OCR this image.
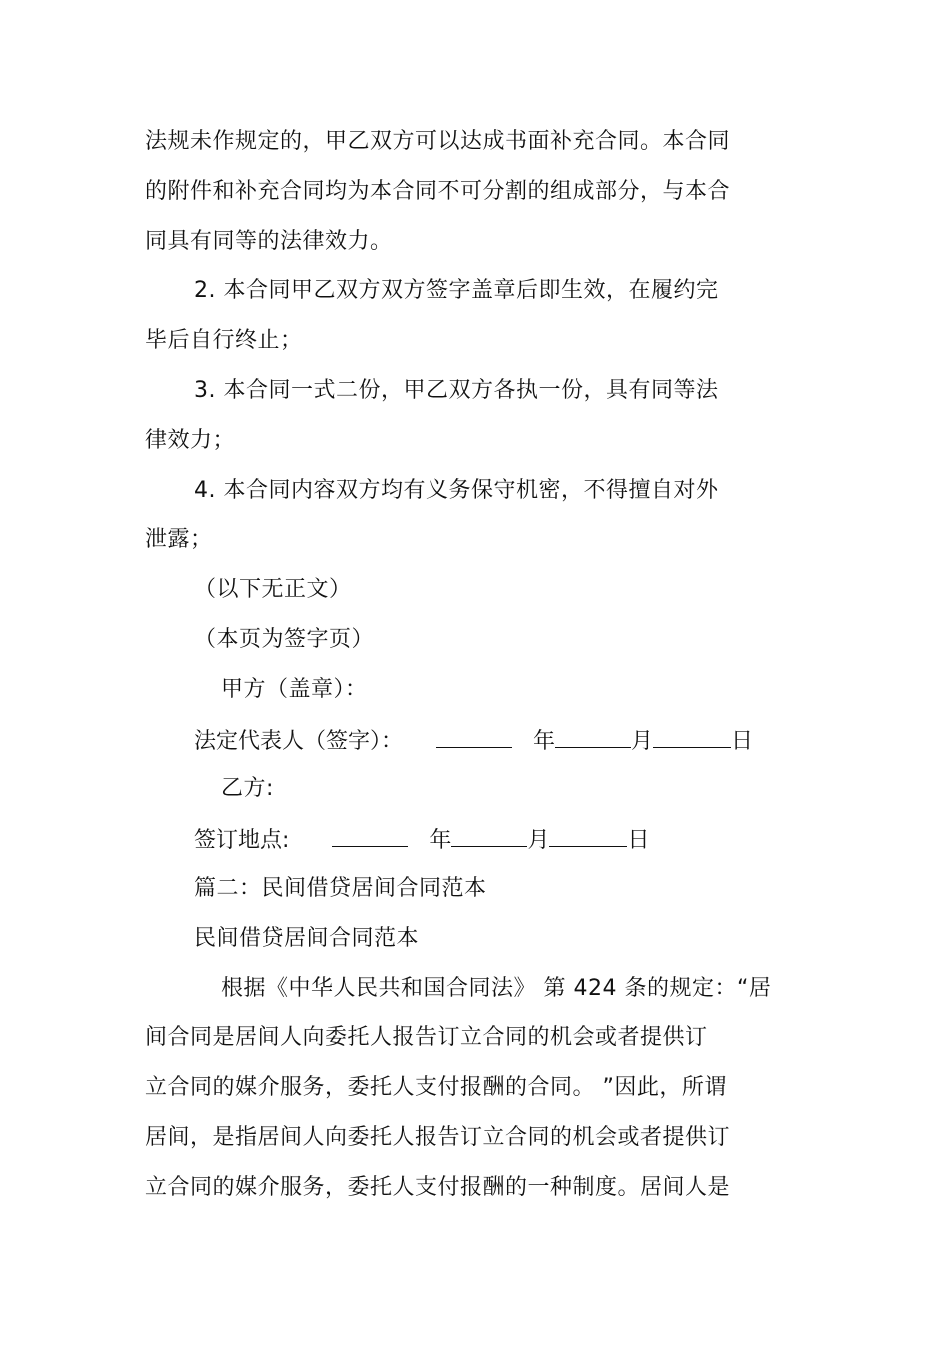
法规未作规定的，甲乙双方可以达成书面补充合同。本合同
的附件和补充合同均为本合同不可分割的组成部分，与本合
同具有同等的法律效力。
2. 本合同甲乙双方双方签字盖章后即生效，在履约完
毕后自行终止；
3. 本合同一式二份，甲乙双方各执一份，具有同等法
律效力；
4. 本合同内容双方均有义务保守机密，不得擅自对外
泄露；
（以下无正文）
（本页为签字页）
甲方（盖章）：
法定代表人（签字）：	年	月	日
乙方:
签订地点:	年	月	日
篇二：民间借贷居间合同范本
民间借贷居间合同范本
根据《中华人民共和国合同法》 第 424 条的规定：“居
间合同是居间人向委托人报告订立合同的机会或者提供订
立合同的媒介服务，委托人支付报酬的合同。 ”因此，所谓
居间，是指居间人向委托人报告订立合同的机会或者提供订
立合同的媒介服务，委托人支付报酬的一种制度。居间人是
